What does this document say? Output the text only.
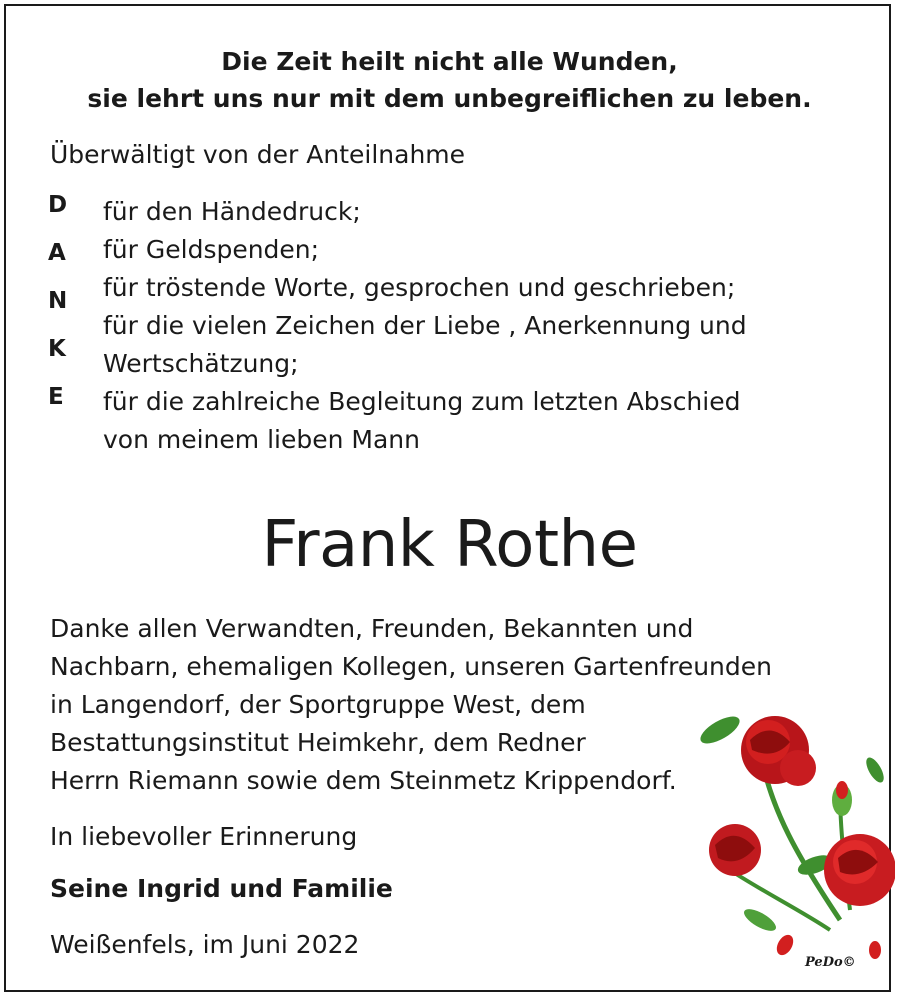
Die Zeit heilt nicht alle Wunden,
sie lehrt uns nur mit dem unbegreiflichen zu leben.
Überwältigt von der Anteilnahme
D
A
N
K
E
für den Händedruck;
für Geldspenden;
für tröstende Worte, gesprochen und geschrieben;
für die vielen Zeichen der Liebe , Anerkennung und
Wertschätzung;
für die zahlreiche Begleitung zum letzten Abschied
von meinem lieben Mann
Frank Rothe
Danke allen Verwandten, Freunden, Bekannten und
Nachbarn, ehemaligen Kollegen, unseren Gartenfreunden
in Langendorf, der Sportgruppe West, dem
Bestattungsinstitut Heimkehr, dem Redner
Herrn Riemann sowie dem Steinmetz Krippendorf.
In liebevoller Erinnerung
Seine Ingrid und Familie
Weißenfels, im Juni 2022
PeDo©
